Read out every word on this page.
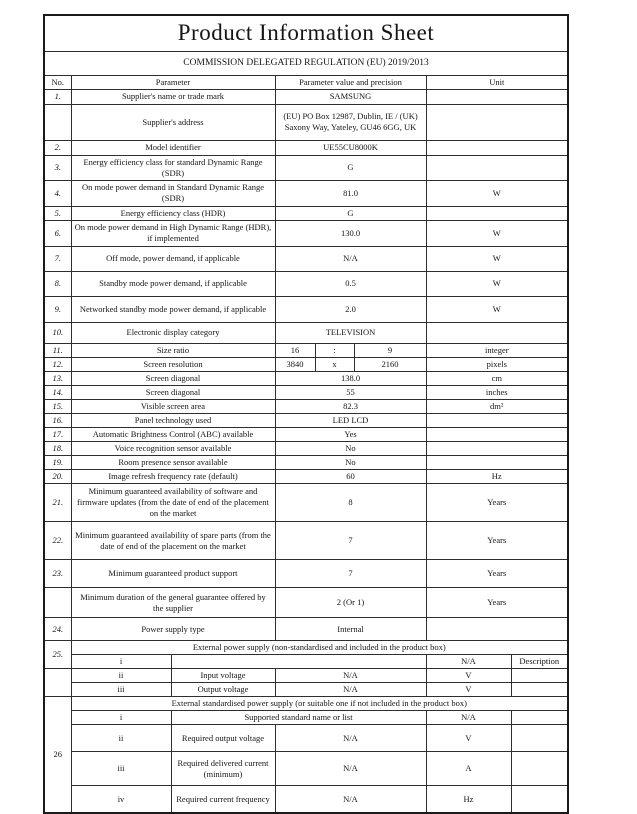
Product Information Sheet							
COMMISSION DELEGATED REGULATION (EU) 2019/2013							
No.	Parameter		Parameter value and precision			Unit	
1.	Supplier's name or trade mark		SAMSUNG				
	Supplier's address		(EU) PO Box 12987, Dublin, IE / (UK) Saxony Way, Yateley, GU46 6GG, UK				
2.	Model identifier		UE55CU8000K				
3.	Energy efficiency class for standard Dynamic Range (SDR)		G				
4.	On mode power demand in Standard Dynamic Range (SDR)		81.0			W	
5.	Energy efficiency class (HDR)		G				
6.	On mode power demand in High Dynamic Range (HDR), if implemented		130.0			W	
7.	Off mode, power demand, if applicable		N/A			W	
8.	Standby mode power demand, if applicable		0.5			W	
9.	Networked standby mode power demand, if applicable		2.0			W	
10.	Electronic display category		TELEVISION				
11.	Size ratio		16	:	9	integer	
12.	Screen resolution		3840	x	2160	pixels	
13.	Screen diagonal		138.0			cm	
14.	Screen diagonal		55			inches	
15.	Visible screen area		82.3			dm²	
16.	Panel technology used		LED LCD				
17.	Automatic Brightness Control (ABC) available		Yes				
18.	Voice recognition sensor available		No				
19.	Room presence sensor available		No				
20.	Image refresh frequency rate (default)		60			Hz	
21.	Minimum guaranteed availability of software and firmware updates (from the date of end of the placement on the market		8			Years	
22.	Minimum guaranteed availability of spare parts (from the date of end of the placement on the market		7			Years	
23.	Minimum guaranteed product support		7			Years	
	Minimum duration of the general guarantee offered by the supplier		2 (Or 1)			Years	
24.	Power supply type		Internal				
25.	External power supply (non-standardised and included in the product box)						
	i					N/A	Description
	ii	Input voltage	N/A			V	
	iii	Output voltage	N/A			V	
26	External standardised power supply (or suitable one if not included in the product box)						
	i	Supported standard name or list				N/A	
	ii	Required output voltage	N/A			V	
	iii	Required delivered current (minimum)	N/A			A	
	iv	Required current frequency	N/A			Hz	
